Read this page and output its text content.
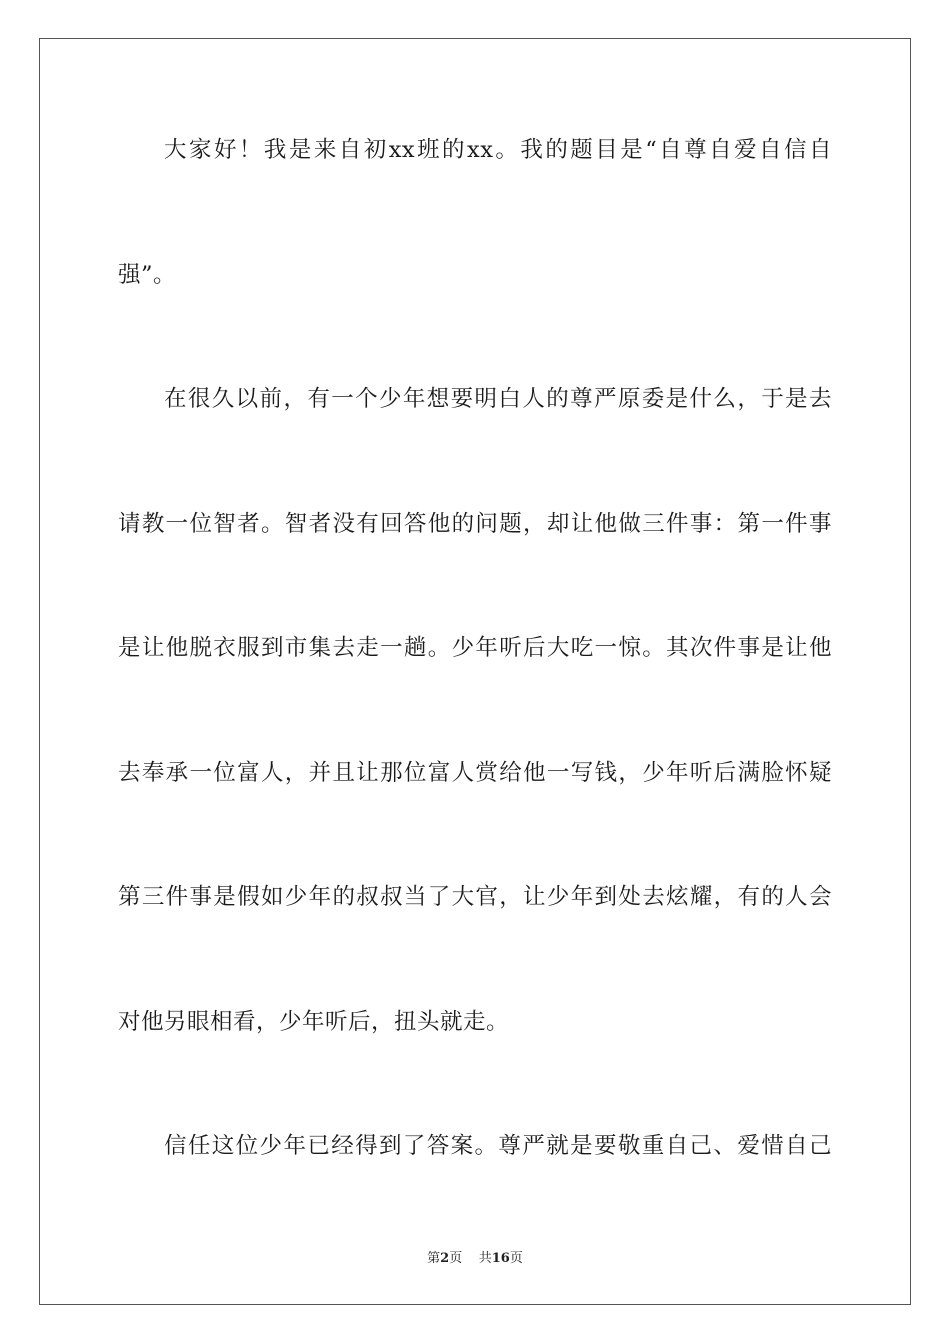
大家好！我是来自初xx班的xx。我的题目是“自尊自爱自信自
强”。
在很久以前，有一个少年想要明白人的尊严原委是什么，于是去
请教一位智者。智者没有回答他的问题，却让他做三件事：第一件事
是让他脱衣服到市集去走一趟。少年听后大吃一惊。其次件事是让他
去奉承一位富人，并且让那位富人赏给他一写钱，少年听后满脸怀疑
第三件事是假如少年的叔叔当了大官，让少年到处去炫耀，有的人会
对他另眼相看，少年听后，扭头就走。
信任这位少年已经得到了答案。尊严就是要敬重自己、爱惜自己
第2页 共16页
